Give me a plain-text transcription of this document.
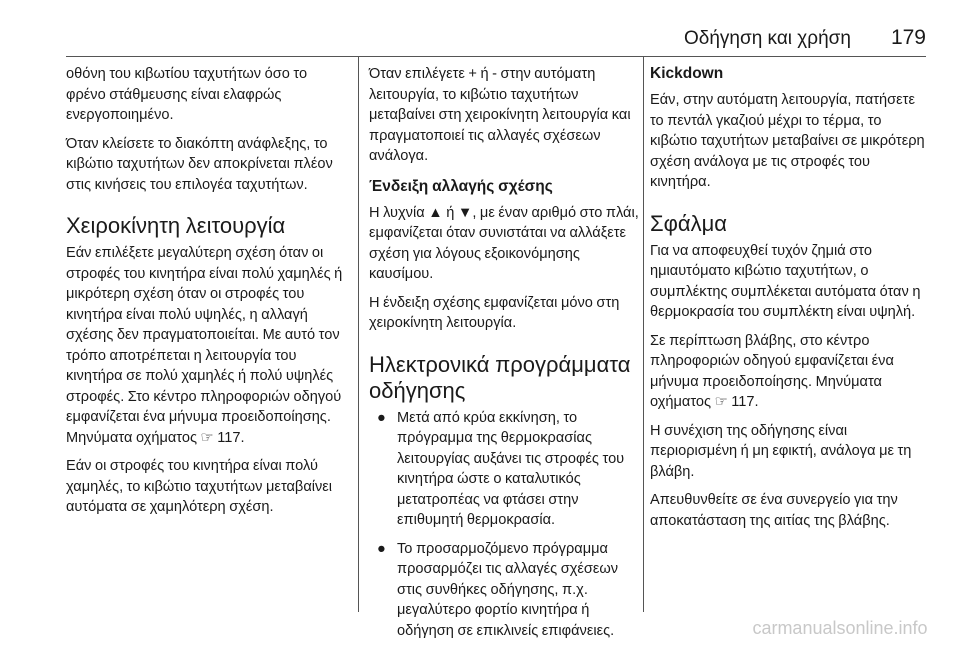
Οδήγηση και χρήση 179

οθόνη του κιβωτίου ταχυτήτων όσο το φρένο στάθμευσης είναι ελαφρώς ενεργοποιημένο.

Όταν κλείσετε το διακόπτη ανάφλεξης, το κιβώτιο ταχυτήτων δεν αποκρίνεται πλέον στις κινήσεις του επιλογέα ταχυτήτων.

Χειροκίνητη λειτουργία

Εάν επιλέξετε μεγαλύτερη σχέση όταν οι στροφές του κινητήρα είναι πολύ χαμηλές ή μικρότερη σχέση όταν οι στροφές του κινητήρα είναι πολύ υψηλές, η αλλαγή σχέσης δεν πραγματοποιείται. Με αυτό τον τρόπο αποτρέπεται η λειτουργία του κινητήρα σε πολύ χαμηλές ή πολύ υψηλές στροφές. Στο κέντρο πληροφοριών οδηγού εμφανίζεται ένα μήνυμα προειδοποίησης. Μηνύματα οχήματος ☞ 117.

Εάν οι στροφές του κινητήρα είναι πολύ χαμηλές, το κιβώτιο ταχυτήτων μεταβαίνει αυτόματα σε χαμηλότερη σχέση.

Όταν επιλέγετε + ή - στην αυτόματη λειτουργία, το κιβώτιο ταχυτήτων μεταβαίνει στη χειροκίνητη λειτουργία και πραγματοποιεί τις αλλαγές σχέσεων ανάλογα.

Ένδειξη αλλαγής σχέσης

Η λυχνία ▲ ή ▼, με έναν αριθμό στο πλάι, εμφανίζεται όταν συνιστάται να αλλάξετε σχέση για λόγους εξοικονόμησης καυσίμου.

Η ένδειξη σχέσης εμφανίζεται μόνο στη χειροκίνητη λειτουργία.

Ηλεκτρονικά προγράμματα οδήγησης
● Μετά από κρύα εκκίνηση, το πρόγραμμα της θερμοκρασίας λειτουργίας αυξάνει τις στροφές του κινητήρα ώστε ο καταλυτικός μετατροπέας να φτάσει στην επιθυμητή θερμοκρασία.
● Το προσαρμοζόμενο πρόγραμμα προσαρμόζει τις αλλαγές σχέσεων στις συνθήκες οδήγησης, π.χ. μεγαλύτερο φορτίο κινητήρα ή οδήγηση σε επικλινείς επιφάνειες.
Kickdown

Εάν, στην αυτόματη λειτουργία, πατήσετε το πεντάλ γκαζιού μέχρι το τέρμα, το κιβώτιο ταχυτήτων μεταβαίνει σε μικρότερη σχέση ανάλογα με τις στροφές του κινητήρα.

Σφάλμα

Για να αποφευχθεί τυχόν ζημιά στο ημιαυτόματο κιβώτιο ταχυτήτων, ο συμπλέκτης συμπλέκεται αυτόματα όταν η θερμοκρασία του συμπλέκτη είναι υψηλή.

Σε περίπτωση βλάβης, στο κέντρο πληροφοριών οδηγού εμφανίζεται ένα μήνυμα προειδοποίησης. Μηνύματα οχήματος ☞ 117.

Η συνέχιση της οδήγησης είναι περιορισμένη ή μη εφικτή, ανάλογα με τη βλάβη.

Απευθυνθείτε σε ένα συνεργείο για την αποκατάσταση της αιτίας της βλάβης.

carmanualsonline.info
